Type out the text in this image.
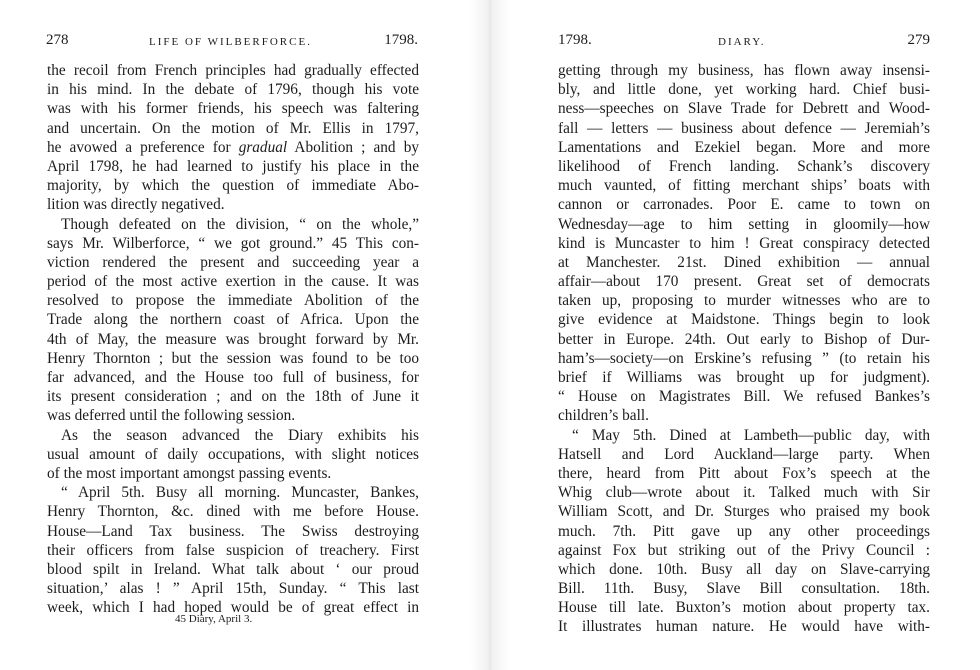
278	LIFE OF WILBERFORCE.	1798.
the recoil from French principles had gradually effected
in his mind. In the debate of 1796, though his vote
was with his former friends, his speech was faltering
and uncertain. On the motion of Mr. Ellis in 1797,
he avowed a preference for gradual Abolition ; and by
April 1798, he had learned to justify his place in the
majority, by which the question of immediate Abo-
lition was directly negatived.
Though defeated on the division, “ on the whole,”
says Mr. Wilberforce, “ we got ground.” 45 This con-
viction rendered the present and succeeding year a
period of the most active exertion in the cause. It was
resolved to propose the immediate Abolition of the
Trade along the northern coast of Africa. Upon the
4th of May, the measure was brought forward by Mr.
Henry Thornton ; but the session was found to be too
far advanced, and the House too full of business, for
its present consideration ; and on the 18th of June it
was deferred until the following session.
As the season advanced the Diary exhibits his
usual amount of daily occupations, with slight notices
of the most important amongst passing events.
“ April 5th. Busy all morning. Muncaster, Bankes,
Henry Thornton, &c. dined with me before House.
House—Land Tax business. The Swiss destroying
their officers from false suspicion of treachery. First
blood spilt in Ireland. What talk about ‘ our proud
situation,’ alas ! ” April 15th, Sunday. “ This last
week, which I had hoped would be of great effect in
45 Diary, April 3.
1798.	DIARY.	279
getting through my business, has flown away insensi-
bly, and little done, yet working hard. Chief busi-
ness—speeches on Slave Trade for Debrett and Wood-
fall — letters — business about defence — Jeremiah’s
Lamentations and Ezekiel began. More and more
likelihood of French landing. Schank’s discovery
much vaunted, of fitting merchant ships’ boats with
cannon or carronades. Poor E. came to town on
Wednesday—age to him setting in gloomily—how
kind is Muncaster to him ! Great conspiracy detected
at Manchester. 21st. Dined exhibition — annual
affair—about 170 present. Great set of democrats
taken up, proposing to murder witnesses who are to
give evidence at Maidstone. Things begin to look
better in Europe. 24th. Out early to Bishop of Dur-
ham’s—society—on Erskine’s refusing ” (to retain his
brief if Williams was brought up for judgment).
“ House on Magistrates Bill. We refused Bankes’s
children’s ball.
“ May 5th. Dined at Lambeth—public day, with
Hatsell and Lord Auckland—large party. When
there, heard from Pitt about Fox’s speech at the
Whig club—wrote about it. Talked much with Sir
William Scott, and Dr. Sturges who praised my book
much. 7th. Pitt gave up any other proceedings
against Fox but striking out of the Privy Council :
which done. 10th. Busy all day on Slave-carrying
Bill. 11th. Busy, Slave Bill consultation. 18th.
House till late. Buxton’s motion about property tax.
It illustrates human nature. He would have with-
